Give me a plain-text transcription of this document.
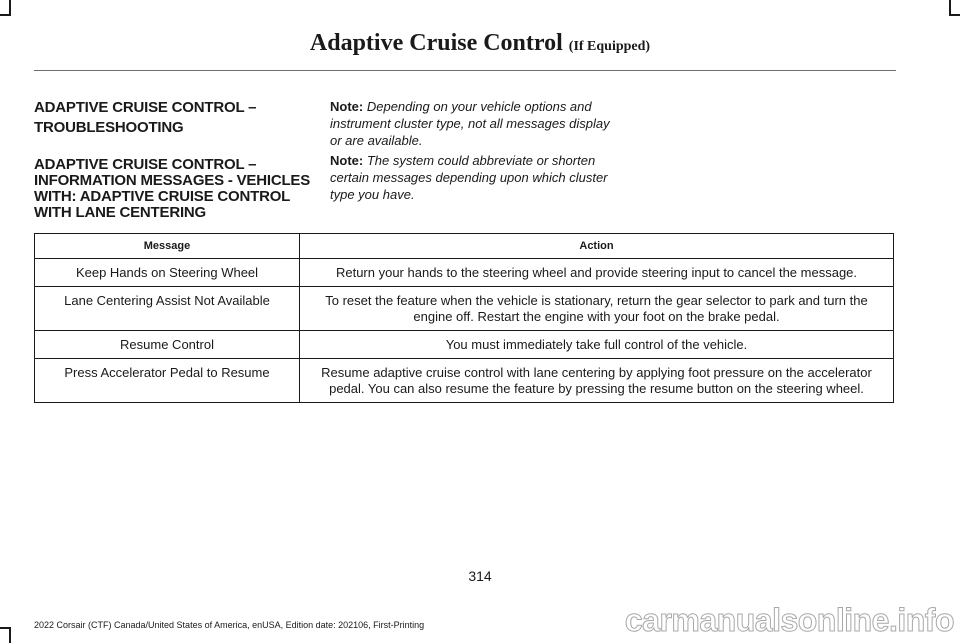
Adaptive Cruise Control (If Equipped)
ADAPTIVE CRUISE CONTROL –
TROUBLESHOOTING
ADAPTIVE CRUISE CONTROL – INFORMATION MESSAGES - VEHICLES WITH: ADAPTIVE CRUISE CONTROL WITH LANE CENTERING
Note: Depending on your vehicle options and instrument cluster type, not all messages display or are available.
Note: The system could abbreviate or shorten certain messages depending upon which cluster type you have.
Message	Action
Keep Hands on Steering Wheel	Return your hands to the steering wheel and provide steering input to cancel the message.
Lane Centering Assist Not Available	To reset the feature when the vehicle is stationary, return the gear selector to park and turn the engine off. Restart the engine with your foot on the brake pedal.
Resume Control	You must immediately take full control of the vehicle.
Press Accelerator Pedal to Resume	Resume adaptive cruise control with lane centering by applying foot pressure on the accelerator pedal. You can also resume the feature by pressing the resume button on the steering wheel.
314
2022 Corsair (CTF) Canada/United States of America, enUSA, Edition date: 202106, First-Printing	carmanualsonline.info
